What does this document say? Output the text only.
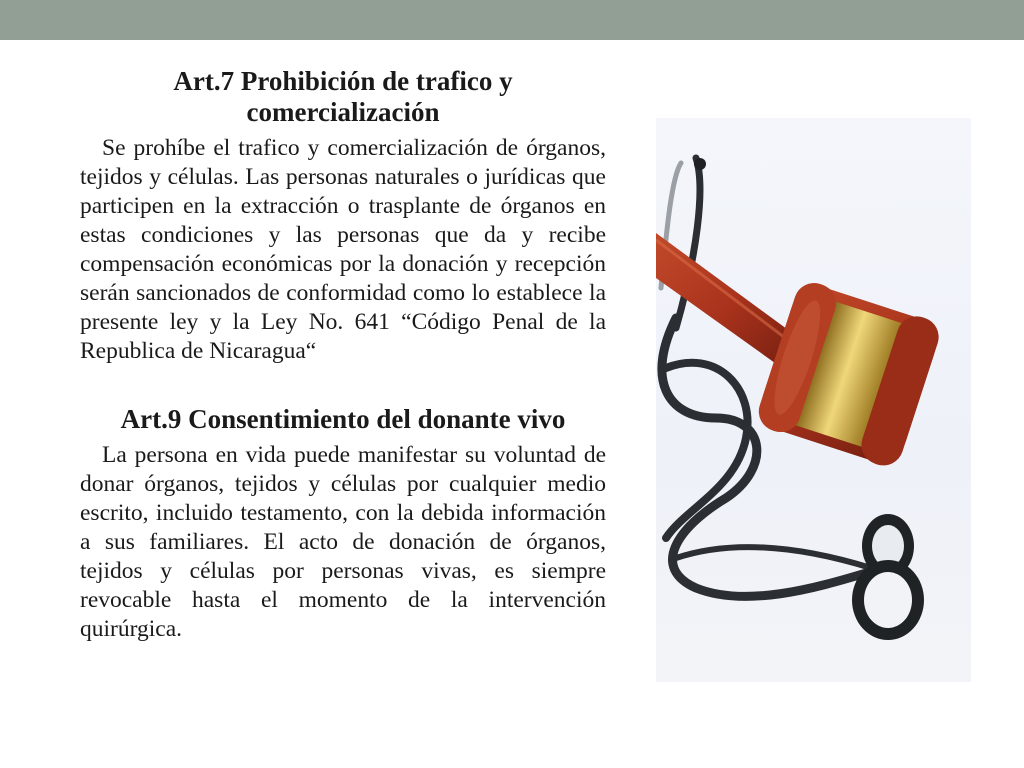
Art.7 Prohibición de trafico y comercialización

Se prohíbe el trafico y comercialización de órganos, tejidos y células. Las personas naturales o jurídicas que participen en la extracción o trasplante de órganos en estas condiciones y las personas que da y recibe compensación económicas por la donación y recepción serán sancionados de conformidad como lo establece la presente ley y la Ley No. 641 “Código Penal de la Republica de Nicaragua“

Art.9 Consentimiento del donante vivo

La persona en vida puede manifestar su voluntad de donar órganos, tejidos y células por cualquier medio escrito, incluido testamento, con la debida información a sus familiares. El acto de donación de órganos, tejidos y células por personas vivas, es siempre revocable hasta el momento de la intervención quirúrgica.
